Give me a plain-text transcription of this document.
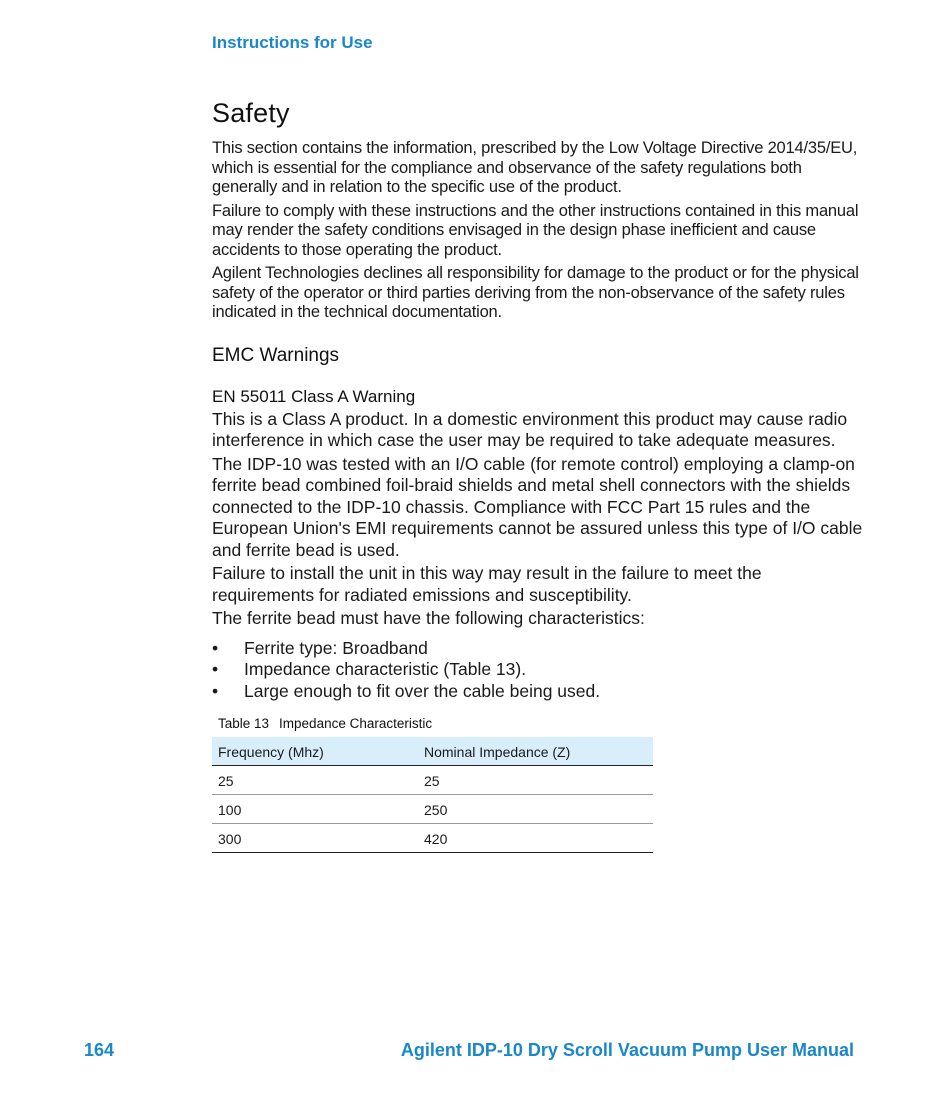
Instructions for Use
Safety

This section contains the information, prescribed by the Low Voltage Directive 2014/35/EU, which is essential for the compliance and observance of the safety regulations both generally and in relation to the specific use of the product.

Failure to comply with these instructions and the other instructions contained in this manual may render the safety conditions envisaged in the design phase inefficient and cause accidents to those operating the product.

Agilent Technologies declines all responsibility for damage to the product or for the physical safety of the operator or third parties deriving from the non-observance of the safety rules indicated in the technical documentation.

EMC Warnings
EN 55011 Class A Warning

This is a Class A product. In a domestic environment this product may cause radio interference in which case the user may be required to take adequate measures.

The IDP-10 was tested with an I/O cable (for remote control) employing a clamp-on ferrite bead combined foil-braid shields and metal shell connectors with the shields connected to the IDP-10 chassis. Compliance with FCC Part 15 rules and the European Union's EMI requirements cannot be assured unless this type of I/O cable and ferrite bead is used.

Failure to install the unit in this way may result in the failure to meet the requirements for radiated emissions and susceptibility.

The ferrite bead must have the following characteristics:

• Ferrite type: Broadband
• Impedance characteristic (Table 13).
• Large enough to fit over the cable being used.
Table 13 Impedance Characteristic
Frequency (Mhz)	Nominal Impedance (Z)
25	25
100	250
300	420
164	Agilent IDP-10 Dry Scroll Vacuum Pump User Manual
